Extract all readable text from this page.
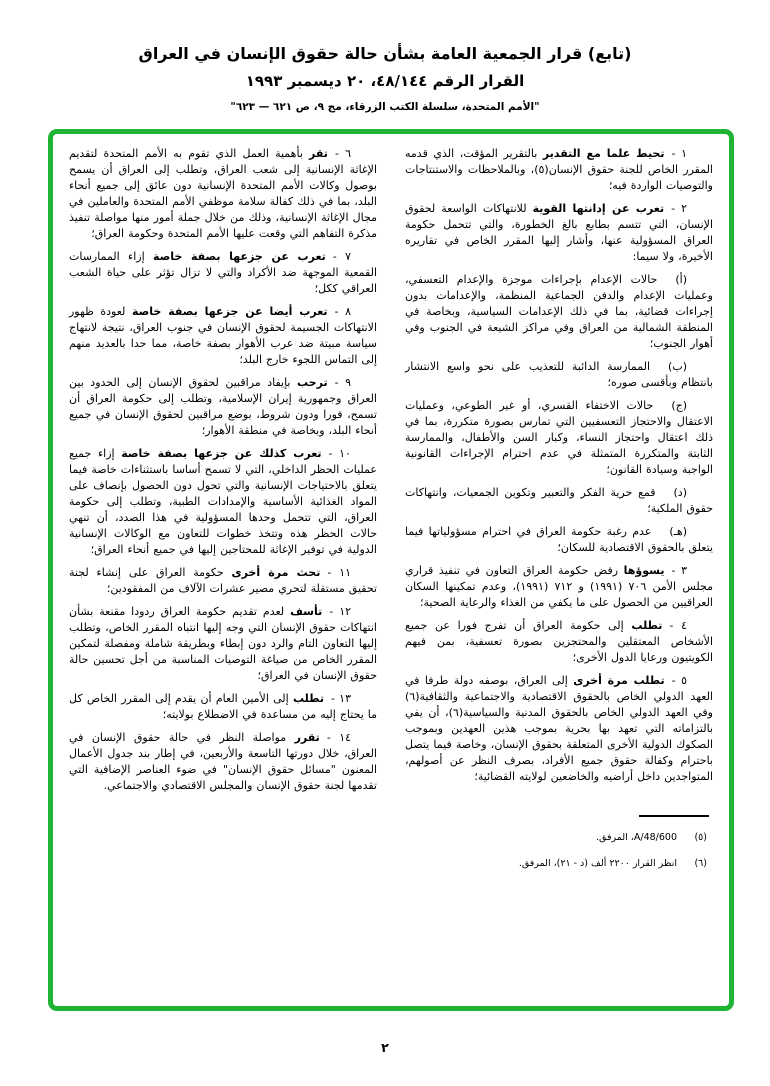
(تابع) قرار الجمعية العامة بشأن حالة حقوق الإنسان في العراق
القرار الرقم ٤٨/١٤٤، ٢٠ ديسمبر ١٩٩٣
"الأمم المتحدة، سلسلة الكتب الزرقاء، مج ٩، ص ٦٢١ — ٦٢٣"

١ -تحيط علما مع التقدير بالتقرير المؤقت، الذي قدمه المقرر الخاص للجنة حقوق الإنسان(٥)، وبالملاحظات والاستنتاجات والتوصيات الواردة فيه؛

٢ -تعرب عن إدانتها القوية للانتهاكات الواسعة لحقوق الإنسان، التي تتسم بطابع بالغ الخطورة، والتي تتحمل حكومة العراق المسؤولية عنها، وأشار إليها المقرر الخاص في تقاريره الأخيرة، ولا سيما:

(أ)حالات الإعدام بإجراءات موجزة والإعدام التعسفي، وعمليات الإعدام والدفن الجماعية المنظمة، والإعدامات بدون إجراءات قضائية، بما في ذلك الإعدامات السياسية، وبخاصة في المنطقة الشمالية من العراق وفي مراكز الشيعة في الجنوب وفي أهوار الجنوب؛

(ب)الممارسة الدائبة للتعذيب على نحو واسع الانتشار بانتظام وبأقسى صوره؛

(ج)حالات الاختفاء القسري، أو غير الطوعي، وعمليات الاعتقال والاحتجاز التعسفيين التي تمارس بصورة متكررة، بما في ذلك اعتقال واحتجاز النساء، وكبار السن والأطفال، والممارسة الثابتة والمتكررة المتمثلة في عدم احترام الإجراءات القانونية الواجبة وسيادة القانون؛

(د)قمع حرية الفكر والتعبير وتكوين الجمعيات، وانتهاكات حقوق الملكية؛

(هـ)عدم رغبة حكومة العراق في احترام مسؤولياتها فيما يتعلق بالحقوق الاقتصادية للسكان؛

٣ -يسوؤها رفض حكومة العراق التعاون في تنفيذ قراري مجلس الأمن ٧٠٦ (١٩٩١) و ٧١٢ (١٩٩١)، وعدم تمكينها السكان العراقيين من الحصول على ما يكفي من الغذاء والرعاية الصحية؛

٤ -تطلب إلى حكومة العراق أن تفرج فورا عن جميع الأشخاص المعتقلين والمحتجزين بصورة تعسفية، بمن فيهم الكويتيون ورعايا الدول الأخرى؛

٥ -تطلب مرة أخرى إلى العراق، بوصفه دولة طرفا في العهد الدولي الخاص بالحقوق الاقتصادية والاجتماعية والثقافية(٦) وفي العهد الدولي الخاص بالحقوق المدنية والسياسية(٦)، أن يفي بالتزاماته التي تعهد بها بحرية بموجب هذين العهدين وبموجب الصكوك الدولية الأخرى المتعلقة بحقوق الإنسان، وخاصة فيما يتصل باحترام وكفالة حقوق جميع الأفراد، بصرف النظر عن أصولهم، المتواجدين داخل أراضيه والخاضعين لولايته القضائية؛

(٥)
A/48/600، المرفق.
(٦)
انظر القرار ٢٢٠٠ ألف (د - ٢١)، المرفق.

٦ -تقر بأهمية العمل الذي تقوم به الأمم المتحدة لتقديم الإغاثة الإنسانية إلى شعب العراق، وتطلب إلى العراق أن يسمح بوصول وكالات الأمم المتحدة الإنسانية دون عائق إلى جميع أنحاء البلد، بما في ذلك كفالة سلامة موظفي الأمم المتحدة والعاملين في مجال الإغاثة الإنسانية، وذلك من خلال جملة أمور منها مواصلة تنفيذ مذكرة التفاهم التي وقعت عليها الأمم المتحدة وحكومة العراق؛

٧ -تعرب عن جزعها بصفة خاصة إزاء الممارسات القمعية الموجهة ضد الأكراد والتي لا تزال تؤثر على حياة الشعب العراقي ككل؛

٨ -تعرب أيضا عن جزعها بصفة خاصة لعودة ظهور الانتهاكات الجسيمة لحقوق الإنسان في جنوب العراق، نتيجة لانتهاج سياسة مبيتة ضد عرب الأهوار بصفة خاصة، مما حدا بالعديد منهم إلى التماس اللجوء خارج البلد؛

٩ -ترحب بإيفاد مراقبين لحقوق الإنسان إلى الحدود بين العراق وجمهورية إيران الإسلامية، وتطلب إلى حكومة العراق أن تسمح، فورا ودون شروط، بوضع مراقبين لحقوق الإنسان في جميع أنحاء البلد، وبخاصة في منطقة الأهوار؛

١٠ -تعرب كذلك عن جزعها بصفة خاصة إزاء جميع عمليات الحظر الداخلي، التي لا تسمح أساسا باستثناءات خاصة فيما يتعلق بالاحتياجات الإنسانية والتي تحول دون الحصول بإنصاف على المواد الغذائية الأساسية والإمدادات الطبية، وتطلب إلى حكومة العراق، التي تتحمل وحدها المسؤولية في هذا الصدد، أن تنهي حالات الحظر هذه وتتخذ خطوات للتعاون مع الوكالات الإنسانية الدولية في توفير الإغاثة للمحتاجين إليها في جميع أنحاء العراق؛

١١ -تحث مرة أخرى حكومة العراق على إنشاء لجنة تحقيق مستقلة لتحري مصير عشرات الآلاف من المفقودين؛

١٢ -تأسف لعدم تقديم حكومة العراق ردودا مقنعة بشأن انتهاكات حقوق الإنسان التي وجه إليها انتباه المقرر الخاص، وتطلب إليها التعاون التام والرد دون إبطاء وبطريقة شاملة ومفصلة لتمكين المقرر الخاص من صياغة التوصيات المناسبة من أجل تحسين حالة حقوق الإنسان في العراق؛

١٣ -تطلب إلى الأمين العام أن يقدم إلى المقرر الخاص كل ما يحتاج إليه من مساعدة في الاضطلاع بولايته؛

١٤ -تقرر مواصلة النظر في حالة حقوق الإنسان في العراق، خلال دورتها التاسعة والأربعين، في إطار بند جدول الأعمال المعنون "مسائل حقوق الإنسان" في ضوء العناصر الإضافية التي تقدمها لجنة حقوق الإنسان والمجلس الاقتصادي والاجتماعي.

٢
